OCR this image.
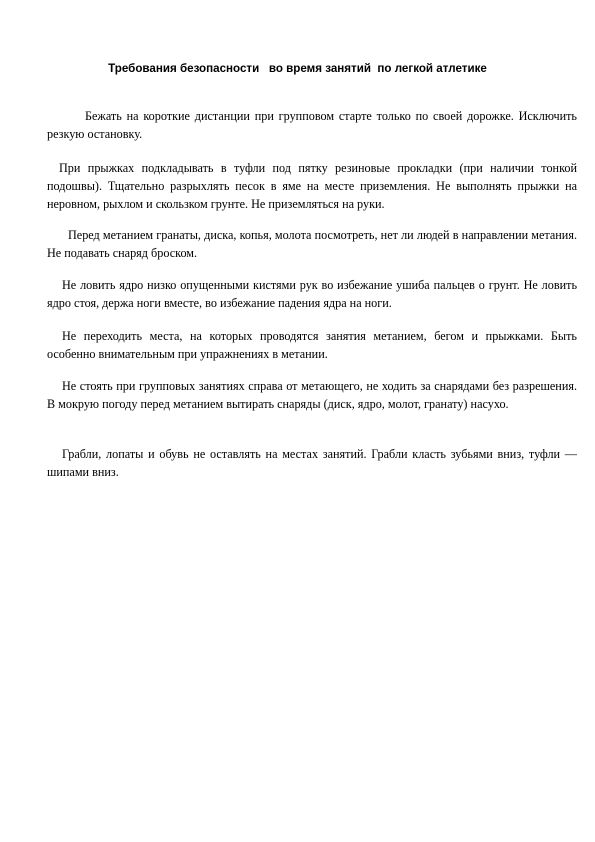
Требования безопасности   во время занятий  по легкой атлетике

Бежать на короткие дистанции при групповом старте только по своей дорожке. Исключить резкую остановку.

При прыжках подкладывать в туфли под пятку резиновые прокладки (при наличии тонкой подошвы). Тщательно разрыхлять песок в яме на месте приземления. Не выполнять прыжки на неровном, рыхлом и скользком грунте. Не приземляться на руки.

Перед метанием гранаты, диска, копья, молота посмотреть, нет ли людей в направлении метания. Не подавать снаряд броском.

Не ловить ядро низко опущенными кистями рук во избежание ушиба пальцев о грунт. Не ловить ядро стоя, держа ноги вместе, во избежание падения ядра на ноги.

Не переходить места, на которых проводятся занятия метанием, бегом и прыжками. Быть особенно внимательным при упражнениях в метании.

Не стоять при групповых занятиях справа от метающего, не ходить за снарядами без разрешения. В мокрую погоду перед метанием вытирать снаряды (диск, ядро, молот, гранату) насухо.

Грабли, лопаты и обувь не оставлять на местах занятий. Грабли класть зубьями вниз, туфли — шипами вниз.
